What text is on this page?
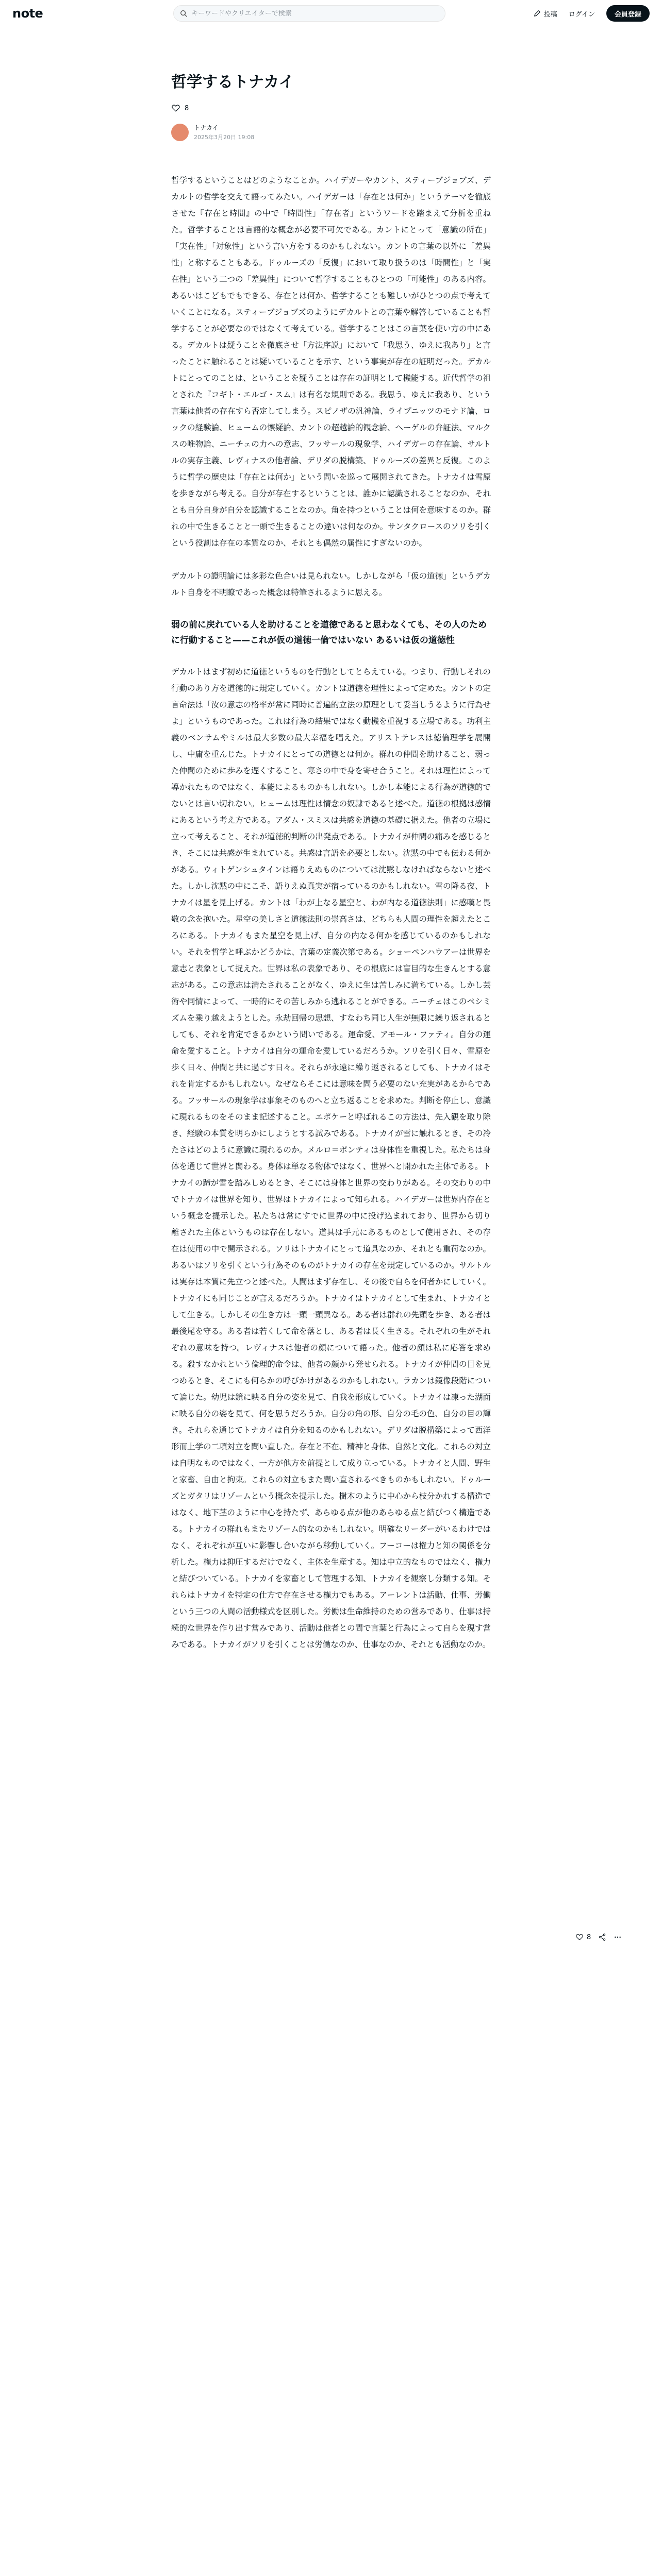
note
キーワードやクリエイターで検索	投稿 ログイン	会員登録
哲学するトナカイ
8
トナカイ
2025年3月20日 19:08

哲学するということはどのようなことか。ハイデガーやカント、スティーブジョブズ、デカルトの哲学を交えて語ってみたい。ハイデガーは「存在とは何か」というテーマを徹底させた『存在と時間』の中で「時間性」「存在者」というワードを踏まえて分析を重ねた。哲学することは言語的な概念が必要不可欠である。カントにとって「意識の所在」「実在性」「対象性」という言い方をするのかもしれない。カントの言葉の以外に「差異性」と称することもある。ドゥルーズの「反復」において取り扱うのは「時間性」と「実在性」という二つの「差異性」について哲学することもひとつの「可能性」のある内容。あるいはこどもでもできる、存在とは何か、哲学することも難しいがひとつの点で考えていくことになる。スティーブジョブズのようにデカルトとの言葉や解答していることも哲学することが必要なのではなくて考えている。哲学することはこの言葉を使い方の中にある。デカルトは疑うことを徹底させ「方法序説」において「我思う、ゆえに我あり」と言ったことに触れることは疑いていることを示す、という事実が存在の証明だった。デカルトにとってのことは、ということを疑うことは存在の証明として機能する。近代哲学の祖とされた『コギト・エルゴ・スム』は有名な規則である。我思う、ゆえに我あり、という言葉は他者の存在すら否定してしまう。スピノザの汎神論、ライプニッツのモナド論、ロックの経験論、ヒュームの懐疑論、カントの超越論的観念論、ヘーゲルの弁証法、マルクスの唯物論、ニーチェの力への意志、フッサールの現象学、ハイデガーの存在論、サルトルの実存主義、レヴィナスの他者論、デリダの脱構築、ドゥルーズの差異と反復。このように哲学の歴史は「存在とは何か」という問いを巡って展開されてきた。トナカイは雪原を歩きながら考える。自分が存在するということは、誰かに認識されることなのか、それとも自分自身が自分を認識することなのか。角を持つということは何を意味するのか。群れの中で生きることと一頭で生きることの違いは何なのか。サンタクロースのソリを引くという役割は存在の本質なのか、それとも偶然の属性にすぎないのか。

デカルトの證明論には多彩な色合いは見られない。しかしながら「仮の道徳」というデカルト自身を不明瞭であった概念は特筆されるように思える。

弱の前に戻れている人を助けることを道徳であると思わなくても、その人のために行動すること——これが仮の道徳一倫ではいない あるいは仮の道徳性

デカルトはまず初めに道徳というものを行動としてとらえている。つまり、行動しそれの行動のあり方を道徳的に規定していく。カントは道徳を理性によって定めた。カントの定言命法は「汝の意志の格率が常に同時に普遍的立法の原理として妥当しうるように行為せよ」というものであった。これは行為の結果ではなく動機を重視する立場である。功利主義のベンサムやミルは最大多数の最大幸福を唱えた。アリストテレスは徳倫理学を展開し、中庸を重んじた。トナカイにとっての道徳とは何か。群れの仲間を助けること、弱った仲間のために歩みを遅くすること、寒さの中で身を寄せ合うこと。それは理性によって導かれたものではなく、本能によるものかもしれない。しかし本能による行為が道徳的でないとは言い切れない。ヒュームは理性は情念の奴隷であると述べた。道徳の根拠は感情にあるという考え方である。アダム・スミスは共感を道徳の基礎に据えた。他者の立場に立って考えること、それが道徳的判断の出発点である。トナカイが仲間の痛みを感じるとき、そこには共感が生まれている。共感は言語を必要としない。沈黙の中でも伝わる何かがある。ウィトゲンシュタインは語りえぬものについては沈黙しなければならないと述べた。しかし沈黙の中にこそ、語りえぬ真実が宿っているのかもしれない。雪の降る夜、トナカイは星を見上げる。カントは「わが上なる星空と、わが内なる道徳法則」に感嘆と畏敬の念を抱いた。星空の美しさと道徳法則の崇高さは、どちらも人間の理性を超えたところにある。トナカイもまた星空を見上げ、自分の内なる何かを感じているのかもしれない。それを哲学と呼ぶかどうかは、言葉の定義次第である。ショーペンハウアーは世界を意志と表象として捉えた。世界は私の表象であり、その根底には盲目的な生きんとする意志がある。この意志は満たされることがなく、ゆえに生は苦しみに満ちている。しかし芸術や同情によって、一時的にその苦しみから逃れることができる。ニーチェはこのペシミズムを乗り越えようとした。永劫回帰の思想、すなわち同じ人生が無限に繰り返されるとしても、それを肯定できるかという問いである。運命愛、アモール・ファティ。自分の運命を愛すること。トナカイは自分の運命を愛しているだろうか。ソリを引く日々、雪原を歩く日々、仲間と共に過ごす日々。それらが永遠に繰り返されるとしても、トナカイはそれを肯定するかもしれない。なぜならそこには意味を問う必要のない充実があるからである。フッサールの現象学は事象そのものへと立ち返ることを求めた。判断を停止し、意識に現れるものをそのまま記述すること。エポケーと呼ばれるこの方法は、先入観を取り除き、経験の本質を明らかにしようとする試みである。トナカイが雪に触れるとき、その冷たさはどのように意識に現れるのか。メルロ＝ポンティは身体性を重視した。私たちは身体を通じて世界と関わる。身体は単なる物体ではなく、世界へと開かれた主体である。トナカイの蹄が雪を踏みしめるとき、そこには身体と世界の交わりがある。その交わりの中でトナカイは世界を知り、世界はトナカイによって知られる。ハイデガーは世界内存在という概念を提示した。私たちは常にすでに世界の中に投げ込まれており、世界から切り離された主体というものは存在しない。道具は手元にあるものとして使用され、その存在は使用の中で開示される。ソリはトナカイにとって道具なのか、それとも重荷なのか。あるいはソリを引くという行為そのものがトナカイの存在を規定しているのか。サルトルは実存は本質に先立つと述べた。人間はまず存在し、その後で自らを何者かにしていく。トナカイにも同じことが言えるだろうか。トナカイはトナカイとして生まれ、トナカイとして生きる。しかしその生き方は一頭一頭異なる。ある者は群れの先頭を歩き、ある者は最後尾を守る。ある者は若くして命を落とし、ある者は長く生きる。それぞれの生がそれぞれの意味を持つ。レヴィナスは他者の顔について語った。他者の顔は私に応答を求める。殺すなかれという倫理的命令は、他者の顔から発せられる。トナカイが仲間の目を見つめるとき、そこにも何らかの呼びかけがあるのかもしれない。ラカンは鏡像段階について論じた。幼児は鏡に映る自分の姿を見て、自我を形成していく。トナカイは凍った湖面に映る自分の姿を見て、何を思うだろうか。自分の角の形、自分の毛の色、自分の目の輝き。それらを通じてトナカイは自分を知るのかもしれない。デリダは脱構築によって西洋形而上学の二項対立を問い直した。存在と不在、精神と身体、自然と文化。これらの対立は自明なものではなく、一方が他方を前提として成り立っている。トナカイと人間、野生と家畜、自由と拘束。これらの対立もまた問い直されるべきものかもしれない。ドゥルーズとガタリはリゾームという概念を提示した。樹木のように中心から枝分かれする構造ではなく、地下茎のように中心を持たず、あらゆる点が他のあらゆる点と結びつく構造である。トナカイの群れもまたリゾーム的なのかもしれない。明確なリーダーがいるわけではなく、それぞれが互いに影響し合いながら移動していく。フーコーは権力と知の関係を分析した。権力は抑圧するだけでなく、主体を生産する。知は中立的なものではなく、権力と結びついている。トナカイを家畜として管理する知、トナカイを観察し分類する知。それらはトナカイを特定の仕方で存在させる権力でもある。アーレントは活動、仕事、労働という三つの人間の活動様式を区別した。労働は生命維持のための営みであり、仕事は持続的な世界を作り出す営みであり、活動は他者との間で言葉と行為によって自らを現す営みである。トナカイがソリを引くことは労働なのか、仕事なのか、それとも活動なのか。

8
